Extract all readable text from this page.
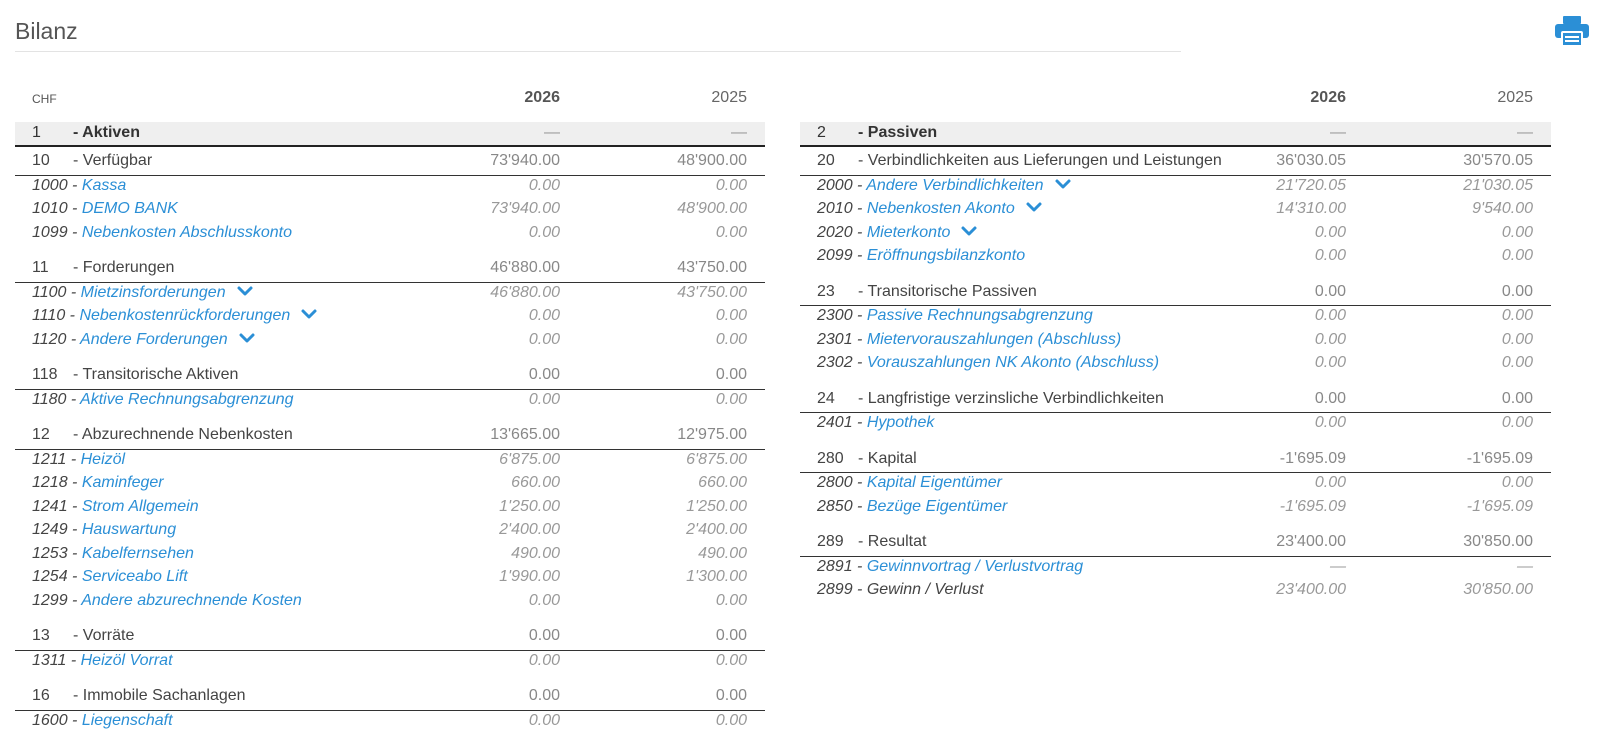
Bilanz
CHF	2026	2025
1 - Aktiven	—	—
10 - Verfügbar	73'940.00	48'900.00
1000 - Kassa	0.00	0.00
1010 - DEMO BANK	73'940.00	48'900.00
1099 - Nebenkosten Abschlusskonto	0.00	0.00
11 - Forderungen	46'880.00	43'750.00
1100 - Mietzinsforderungen	46'880.00	43'750.00
1110 - Nebenkostenrückforderungen	0.00	0.00
1120 - Andere Forderungen	0.00	0.00
118 - Transitorische Aktiven	0.00	0.00
1180 - Aktive Rechnungsabgrenzung	0.00	0.00
12 - Abzurechnende Nebenkosten	13'665.00	12'975.00
1211 - Heizöl	6'875.00	6'875.00
1218 - Kaminfeger	660.00	660.00
1241 - Strom Allgemein	1'250.00	1'250.00
1249 - Hauswartung	2'400.00	2'400.00
1253 - Kabelfernsehen	490.00	490.00
1254 - Serviceabo Lift	1'990.00	1'300.00
1299 - Andere abzurechnende Kosten	0.00	0.00
13 - Vorräte	0.00	0.00
1311 - Heizöl Vorrat	0.00	0.00
16 - Immobile Sachanlagen	0.00	0.00
1600 - Liegenschaft	0.00	0.00
2026	2025
2 - Passiven	—	—
20 - Verbindlichkeiten aus Lieferungen und Leistungen	36'030.05	30'570.05
2000 - Andere Verbindlichkeiten	21'720.05	21'030.05
2010 - Nebenkosten Akonto	14'310.00	9'540.00
2020 - Mieterkonto	0.00	0.00
2099 - Eröffnungsbilanzkonto	0.00	0.00
23 - Transitorische Passiven	0.00	0.00
2300 - Passive Rechnungsabgrenzung	0.00	0.00
2301 - Mietervorauszahlungen (Abschluss)	0.00	0.00
2302 - Vorauszahlungen NK Akonto (Abschluss)	0.00	0.00
24 - Langfristige verzinsliche Verbindlichkeiten	0.00	0.00
2401 - Hypothek	0.00	0.00
280 - Kapital	-1'695.09	-1'695.09
2800 - Kapital Eigentümer	0.00	0.00
2850 - Bezüge Eigentümer	-1'695.09	-1'695.09
289 - Resultat	23'400.00	30'850.00
2891 - Gewinnvortrag / Verlustvortrag	—	—
2899 - Gewinn / Verlust	23'400.00	30'850.00
